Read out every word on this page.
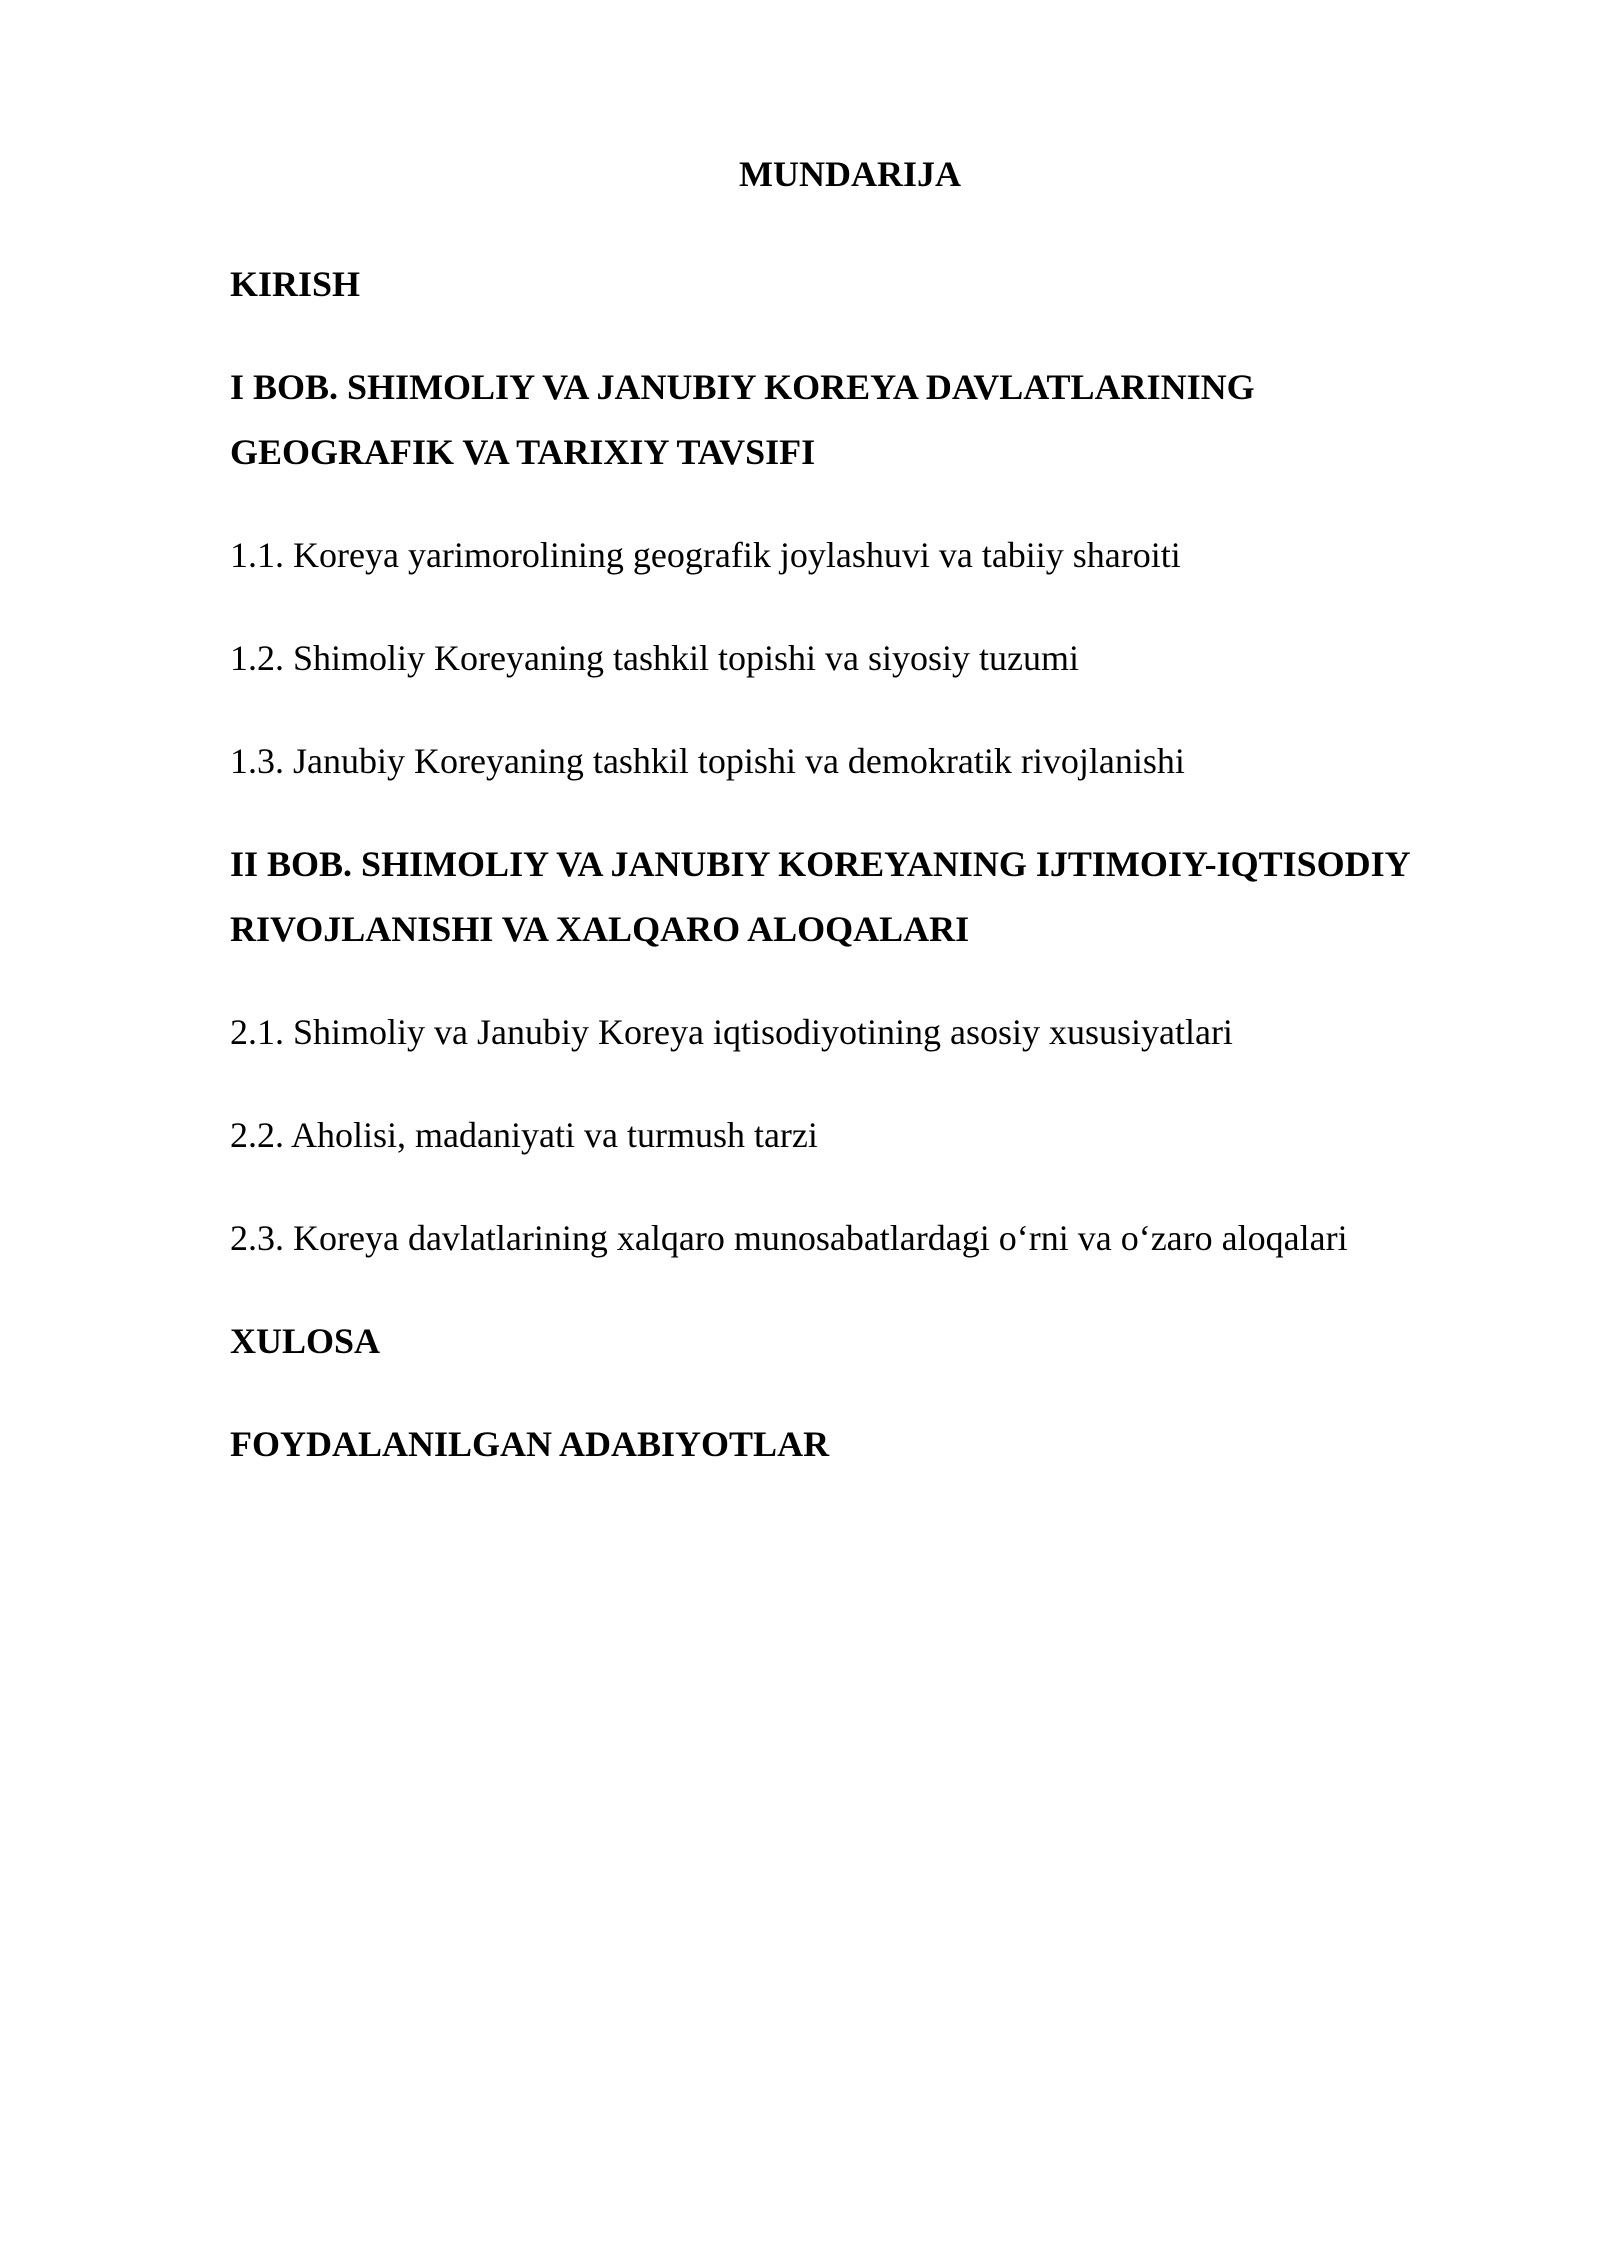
MUNDARIJA
KIRISH
I BOB. SHIMOLIY VA JANUBIY KOREYA DAVLATLARINING
GEOGRAFIK VA TARIXIY TAVSIFI
1.1. Koreya yarimorolining geografik joylashuvi va tabiiy sharoiti
1.2. Shimoliy Koreyaning tashkil topishi va siyosiy tuzumi
1.3. Janubiy Koreyaning tashkil topishi va demokratik rivojlanishi
II BOB. SHIMOLIY VA JANUBIY KOREYANING IJTIMOIY-IQTISODIY
RIVOJLANISHI VA XALQARO ALOQALARI
2.1. Shimoliy va Janubiy Koreya iqtisodiyotining asosiy xususiyatlari
2.2. Aholisi, madaniyati va turmush tarzi
2.3. Koreya davlatlarining xalqaro munosabatlardagi o‘rni va o‘zaro aloqalari
XULOSA
FOYDALANILGAN ADABIYOTLAR
